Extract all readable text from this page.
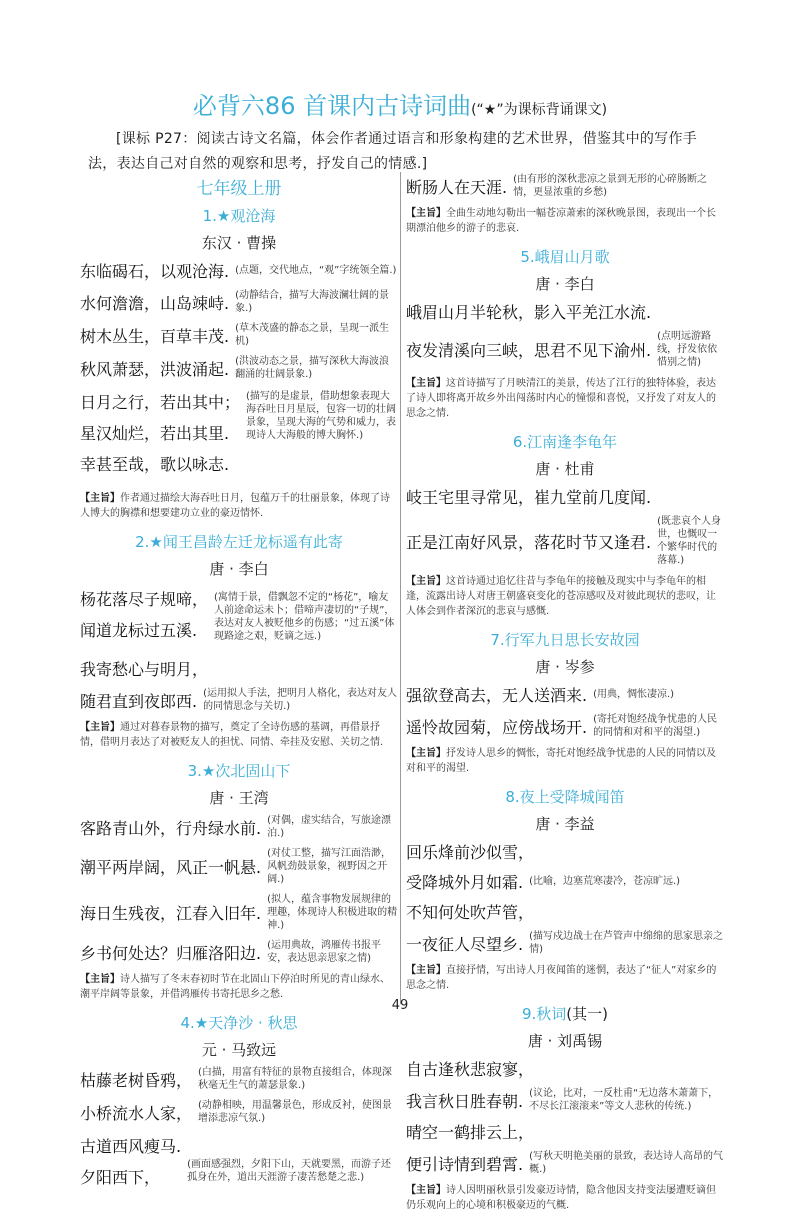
必背六86 首课内古诗词曲(“★”为课标背诵课文)
[课标 P27：阅读古诗文名篇，体会作者通过语言和形象构建的艺术世界，借鉴其中的写作手法，表达自己对自然的观察和思考，抒发自己的情感.]
七年级上册
1.★观沧海
东汉 · 曹操
东临碣石，以观沧海. (点题，交代地点，“观”字统领全篇.)
水何澹澹，山岛竦峙. (动静结合，描写大海波澜壮阔的景象.)
树木丛生，百草丰茂. (草木茂盛的静态之景，呈现一派生机)
秋风萧瑟，洪波涌起. (洪波动态之景，描写深秋大海波浪翻涌的壮阔景象.)
日月之行，若出其中；
星汉灿烂，若出其里.
幸甚至哉，歌以咏志.
(描写的是虚景，借助想象表现大海吞吐日月星辰，包容一切的壮阔景象，呈现大海的气势和威力，表现诗人大海般的博大胸怀.)
【主旨】作者通过描绘大海吞吐日月，包蕴万千的壮丽景象，体现了诗人博大的胸襟和想要建功立业的豪迈情怀.
2.★闻王昌龄左迁龙标遥有此寄
唐 · 李白
杨花落尽子规啼，
闻道龙标过五溪.
(寓情于景，借飘忽不定的“杨花”，喻友人前途命运未卜；借啼声凄切的“子规”，表达对友人被贬他乡的伤感；“过五溪”体现路途之艰，贬谪之远.)
我寄愁心与明月，
随君直到夜郎西. (运用拟人手法，把明月人格化，表达对友人的同情思念与关切.)
【主旨】通过对暮春景物的描写，奠定了全诗伤感的基调，再借景抒情，借明月表达了对被贬友人的担忧、同情、牵挂及安慰、关切之情.
3.★次北固山下
唐 · 王湾
客路青山外，行舟绿水前. (对偶，虚实结合，写旅途漂泊.)
潮平两岸阔，风正一帆悬.
(对仗工整，描写江面浩渺，风帆劲鼓景象，视野因之开阔.)
海日生残夜，江春入旧年.
(拟人，蕴含事物发展规律的理趣，体现诗人积极进取的精神.)
乡书何处达？归雁洛阳边. (运用典故，鸿雁传书报平安，表达思亲思家之情)
【主旨】诗人描写了冬末春初时节在北固山下停泊时所见的青山绿水、潮平岸阔等景象，并借鸿雁传书寄托思乡之愁.
4.★天净沙 · 秋思
元 · 马致远
枯藤老树昏鸦， (白描，用富有特征的景物直接组合，体现深秋毫无生气的萧瑟景象.)
小桥流水人家， (动静相映，用温馨景色，形成反衬，使图景增添悲凉气氛.)
古道西风瘦马.
夕阳西下，
(画面感强烈，夕阳下山，天就要黑，而游子还孤身在外，道出天涯游子凄苦愁楚之悲.)
断肠人在天涯. (由有形的深秋悲凉之景到无形的心碎肠断之情，更显浓重的乡愁)
【主旨】全曲生动地勾勒出一幅苍凉萧索的深秋晚景图，表现出一个长期漂泊他乡的游子的悲哀.
5.峨眉山月歌
唐 · 李白
峨眉山月半轮秋，影入平羌江水流.
夜发清溪向三峡，思君不见下渝州.
(点明远游路线，抒发依依惜别之情)
【主旨】这首诗描写了月映清江的美景，传达了江行的独特体验，表达了诗人即将离开故乡外出闯荡时内心的憧憬和喜悦，又抒发了对友人的思念之情.
6.江南逢李龟年
唐 · 杜甫
岐王宅里寻常见，崔九堂前几度闻.
正是江南好风景，落花时节又逢君.
(既悲哀个人身世，也慨叹一个繁华时代的落幕.)
【主旨】这首诗通过追忆往昔与李龟年的接触及现实中与李龟年的相逢，流露出诗人对唐王朝盛衰变化的苍凉感叹及对彼此现状的悲叹，让人体会到作者深沉的悲哀与感慨.
7.行军九日思长安故园
唐 · 岑参
强欲登高去，无人送酒来. (用典，惆怅凄凉.)
遥怜故园菊，应傍战场开. (寄托对饱经战争忧患的人民的同情和对和平的渴望.)
【主旨】抒发诗人思乡的惆怅，寄托对饱经战争忧患的人民的同情以及对和平的渴望.
8.夜上受降城闻笛
唐 · 李益
回乐烽前沙似雪，
受降城外月如霜. (比喻，边塞荒寒凄冷，苍凉旷远.)
不知何处吹芦管，
一夜征人尽望乡. (描写戍边战士在芦管声中绵绵的思家思亲之情)
【主旨】直接抒情，写出诗人月夜闻笛的迷惘，表达了“征人”对家乡的思念之情.
9.秋词(其一)
唐 · 刘禹锡
自古逢秋悲寂寥，
我言秋日胜春朝. (议论，比对，一反杜甫“无边落木萧萧下，不尽长江滚滚来”等文人悲秋的传统.)
晴空一鹤排云上，
便引诗情到碧霄. (写秋天明艳美丽的景致，表达诗人高昂的气概.)
【主旨】诗人因明丽秋景引发豪迈诗情，隐含他因支持变法屡遭贬谪但仍乐观向上的心境和积极豪迈的气概.
49
